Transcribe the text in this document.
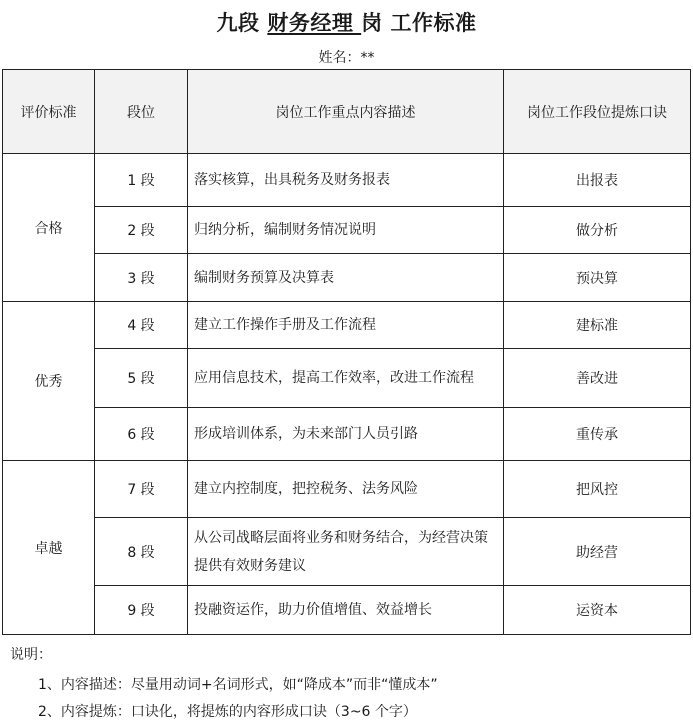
九段 财务经理 岗 工作标准
姓名：**
评价标准	段位	岗位工作重点内容描述	岗位工作段位提炼口诀
合格	1 段	落实核算，出具税务及财务报表	出报表
	2 段	归纳分析，编制财务情况说明	做分析
	3 段	编制财务预算及决算表	预决算
优秀	4 段	建立工作操作手册及工作流程	建标准
	5 段	应用信息技术，提高工作效率，改进工作流程	善改进
	6 段	形成培训体系，为未来部门人员引路	重传承
卓越	7 段	建立内控制度，把控税务、法务风险	把风控
	8 段	从公司战略层面将业务和财务结合，为经营决策提供有效财务建议	助经营
	9 段	投融资运作，助力价值增值、效益增长	运资本
说明：
1、内容描述：尽量用动词+名词形式，如“降成本”而非“懂成本”
2、内容提炼：口诀化，将提炼的内容形成口诀（3~6 个字）
